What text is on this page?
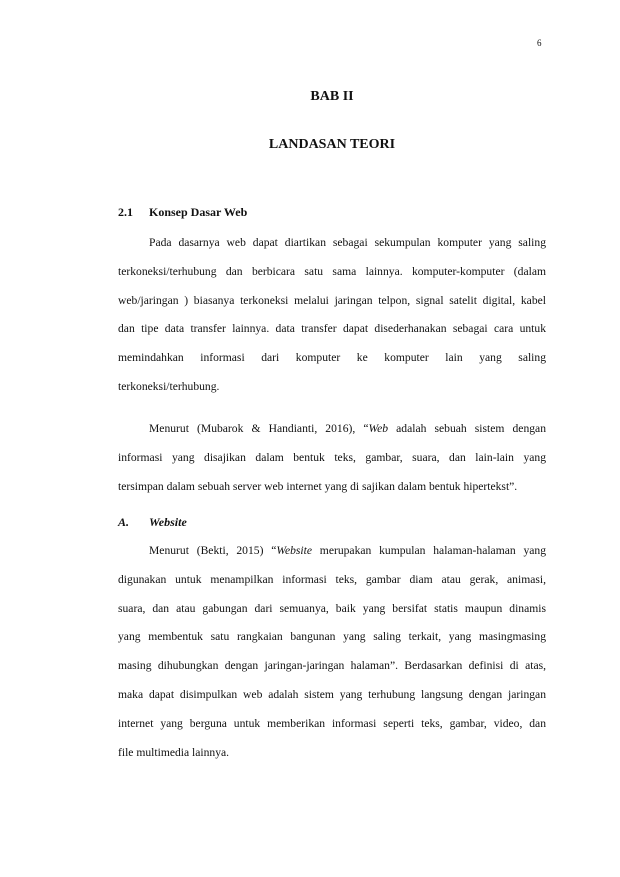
6
BAB II
LANDASAN TEORI
2.1 Konsep Dasar Web
Pada dasarnya web dapat diartikan sebagai sekumpulan komputer yang saling
terkoneksi/terhubung dan berbicara satu sama lainnya. komputer-komputer (dalam
web/jaringan ) biasanya terkoneksi melalui jaringan telpon, signal satelit digital, kabel
dan tipe data transfer lainnya. data transfer dapat disederhanakan sebagai cara untuk
memindahkan informasi dari komputer ke komputer lain yang saling
terkoneksi/terhubung.
Menurut (Mubarok & Handianti, 2016), “Web adalah sebuah sistem dengan
informasi yang disajikan dalam bentuk teks, gambar, suara, dan lain-lain yang
tersimpan dalam sebuah server web internet yang di sajikan dalam bentuk hipertekst”.
A. Website
Menurut (Bekti, 2015) “Website merupakan kumpulan halaman-halaman yang
digunakan untuk menampilkan informasi teks, gambar diam atau gerak, animasi,
suara, dan atau gabungan dari semuanya, baik yang bersifat statis maupun dinamis
yang membentuk satu rangkaian bangunan yang saling terkait, yang masingmasing
masing dihubungkan dengan jaringan-jaringan halaman”. Berdasarkan definisi di atas,
maka dapat disimpulkan web adalah sistem yang terhubung langsung dengan jaringan
internet yang berguna untuk memberikan informasi seperti teks, gambar, video, dan
file multimedia lainnya.
